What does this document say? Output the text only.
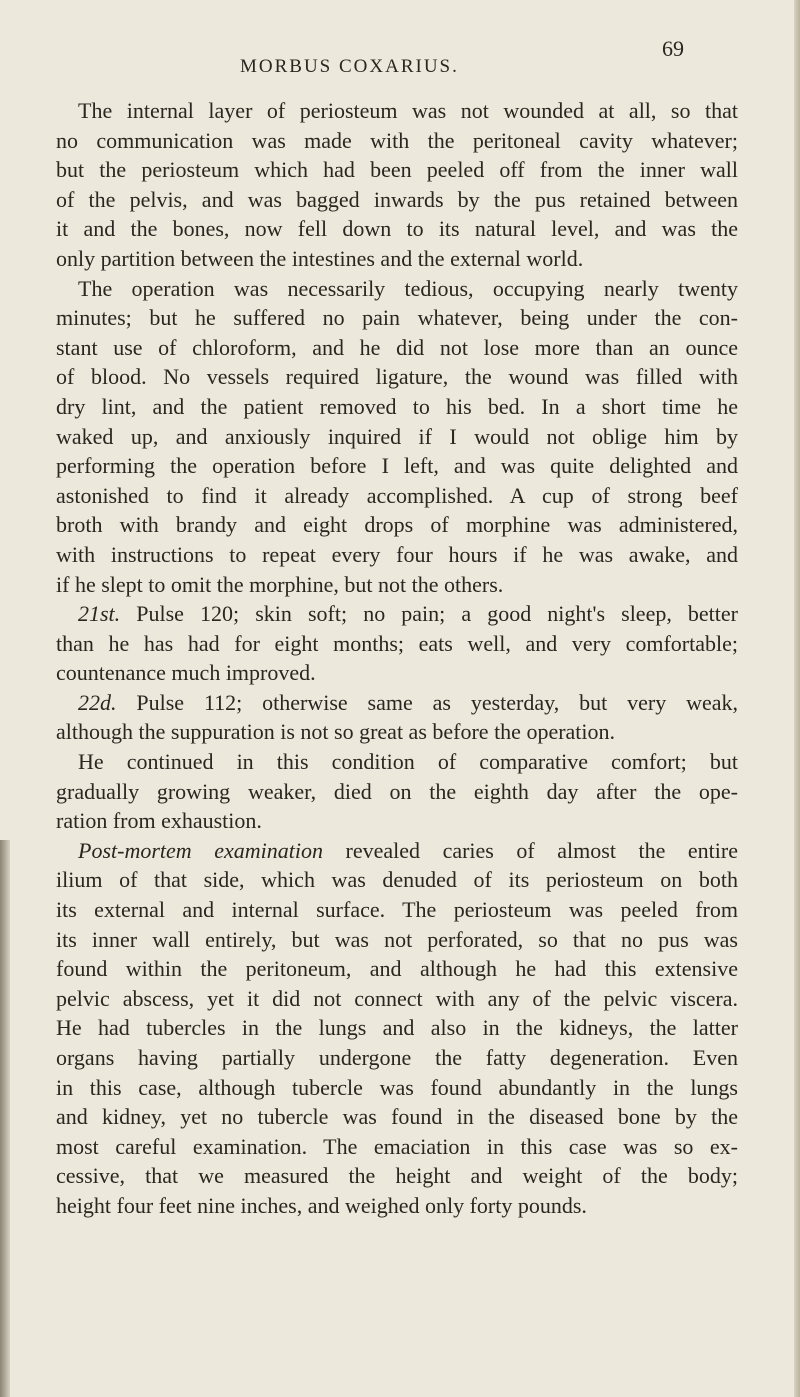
MORBUS COXARIUS.
69
The internal layer of periosteum was not wounded at all, so that
no communication was made with the peritoneal cavity whatever;
but the periosteum which had been peeled off from the inner wall
of the pelvis, and was bagged inwards by the pus retained between
it and the bones, now fell down to its natural level, and was the
only partition between the intestines and the external world.
The operation was necessarily tedious, occupying nearly twenty
minutes; but he suffered no pain whatever, being under the con-
stant use of chloroform, and he did not lose more than an ounce
of blood. No vessels required ligature, the wound was filled with
dry lint, and the patient removed to his bed. In a short time he
waked up, and anxiously inquired if I would not oblige him by
performing the operation before I left, and was quite delighted and
astonished to find it already accomplished. A cup of strong beef
broth with brandy and eight drops of morphine was administered,
with instructions to repeat every four hours if he was awake, and
if he slept to omit the morphine, but not the others.
21st. Pulse 120; skin soft; no pain; a good night's sleep, better
than he has had for eight months; eats well, and very comfortable;
countenance much improved.
22d. Pulse 112; otherwise same as yesterday, but very weak,
although the suppuration is not so great as before the operation.
He continued in this condition of comparative comfort; but
gradually growing weaker, died on the eighth day after the ope-
ration from exhaustion.
Post-mortem examination revealed caries of almost the entire
ilium of that side, which was denuded of its periosteum on both
its external and internal surface. The periosteum was peeled from
its inner wall entirely, but was not perforated, so that no pus was
found within the peritoneum, and although he had this extensive
pelvic abscess, yet it did not connect with any of the pelvic viscera.
He had tubercles in the lungs and also in the kidneys, the latter
organs having partially undergone the fatty degeneration. Even
in this case, although tubercle was found abundantly in the lungs
and kidney, yet no tubercle was found in the diseased bone by the
most careful examination. The emaciation in this case was so ex-
cessive, that we measured the height and weight of the body;
height four feet nine inches, and weighed only forty pounds.
